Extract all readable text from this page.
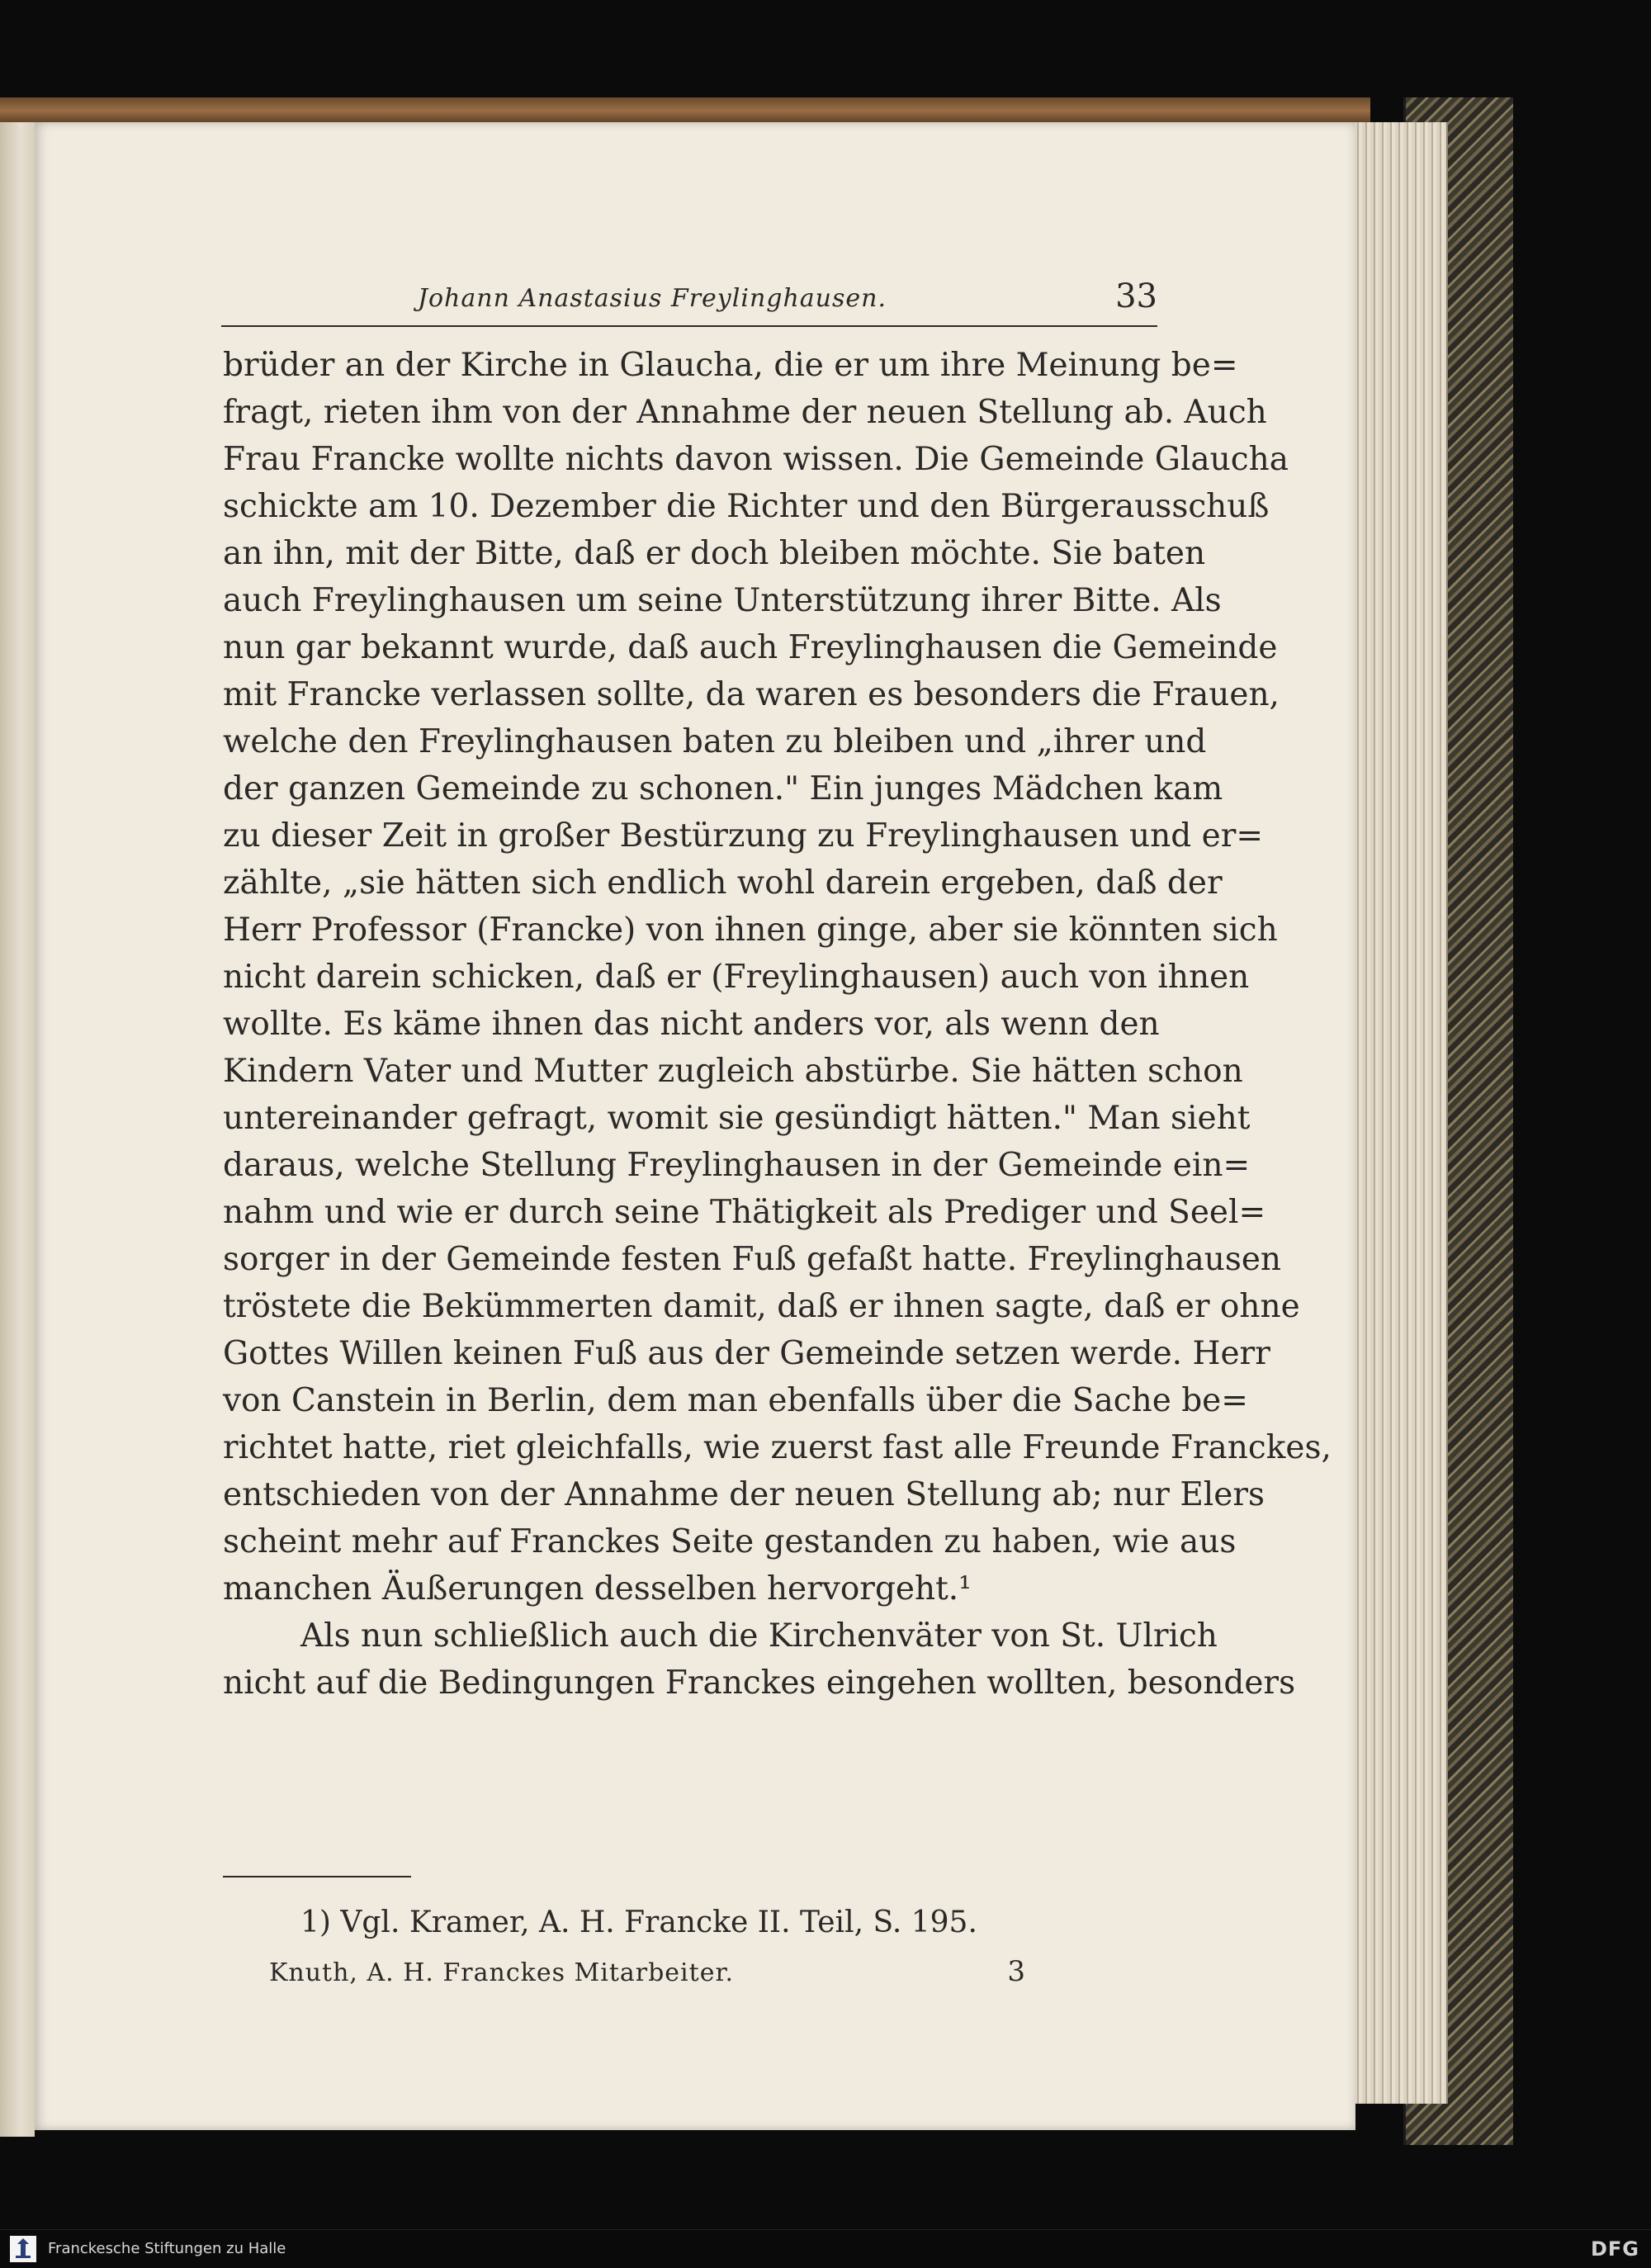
Johann Anastasius Freylinghausen.	33
brüder an der Kirche in Glaucha, die er um ihre Meinung be=
fragt, rieten ihm von der Annahme der neuen Stellung ab. Auch
Frau Francke wollte nichts davon wissen. Die Gemeinde Glaucha
schickte am 10. Dezember die Richter und den Bürgerausschuß
an ihn, mit der Bitte, daß er doch bleiben möchte. Sie baten
auch Freylinghausen um seine Unterstützung ihrer Bitte. Als
nun gar bekannt wurde, daß auch Freylinghausen die Gemeinde
mit Francke verlassen sollte, da waren es besonders die Frauen,
welche den Freylinghausen baten zu bleiben und „ihrer und
der ganzen Gemeinde zu schonen." Ein junges Mädchen kam
zu dieser Zeit in großer Bestürzung zu Freylinghausen und er=
zählte, „sie hätten sich endlich wohl darein ergeben, daß der
Herr Professor (Francke) von ihnen ginge, aber sie könnten sich
nicht darein schicken, daß er (Freylinghausen) auch von ihnen
wollte. Es käme ihnen das nicht anders vor, als wenn den
Kindern Vater und Mutter zugleich abstürbe. Sie hätten schon
untereinander gefragt, womit sie gesündigt hätten." Man sieht
daraus, welche Stellung Freylinghausen in der Gemeinde ein=
nahm und wie er durch seine Thätigkeit als Prediger und Seel=
sorger in der Gemeinde festen Fuß gefaßt hatte. Freylinghausen
tröstete die Bekümmerten damit, daß er ihnen sagte, daß er ohne
Gottes Willen keinen Fuß aus der Gemeinde setzen werde. Herr
von Canstein in Berlin, dem man ebenfalls über die Sache be=
richtet hatte, riet gleichfalls, wie zuerst fast alle Freunde Franckes,
entschieden von der Annahme der neuen Stellung ab; nur Elers
scheint mehr auf Franckes Seite gestanden zu haben, wie aus
manchen Äußerungen desselben hervorgeht.¹
Als nun schließlich auch die Kirchenväter von St. Ulrich
nicht auf die Bedingungen Franckes eingehen wollten, besonders
1) Vgl. Kramer, A. H. Francke II. Teil, S. 195.
Knuth, A. H. Franckes Mitarbeiter.	3
Franckesche Stiftungen zu Halle	DFG
